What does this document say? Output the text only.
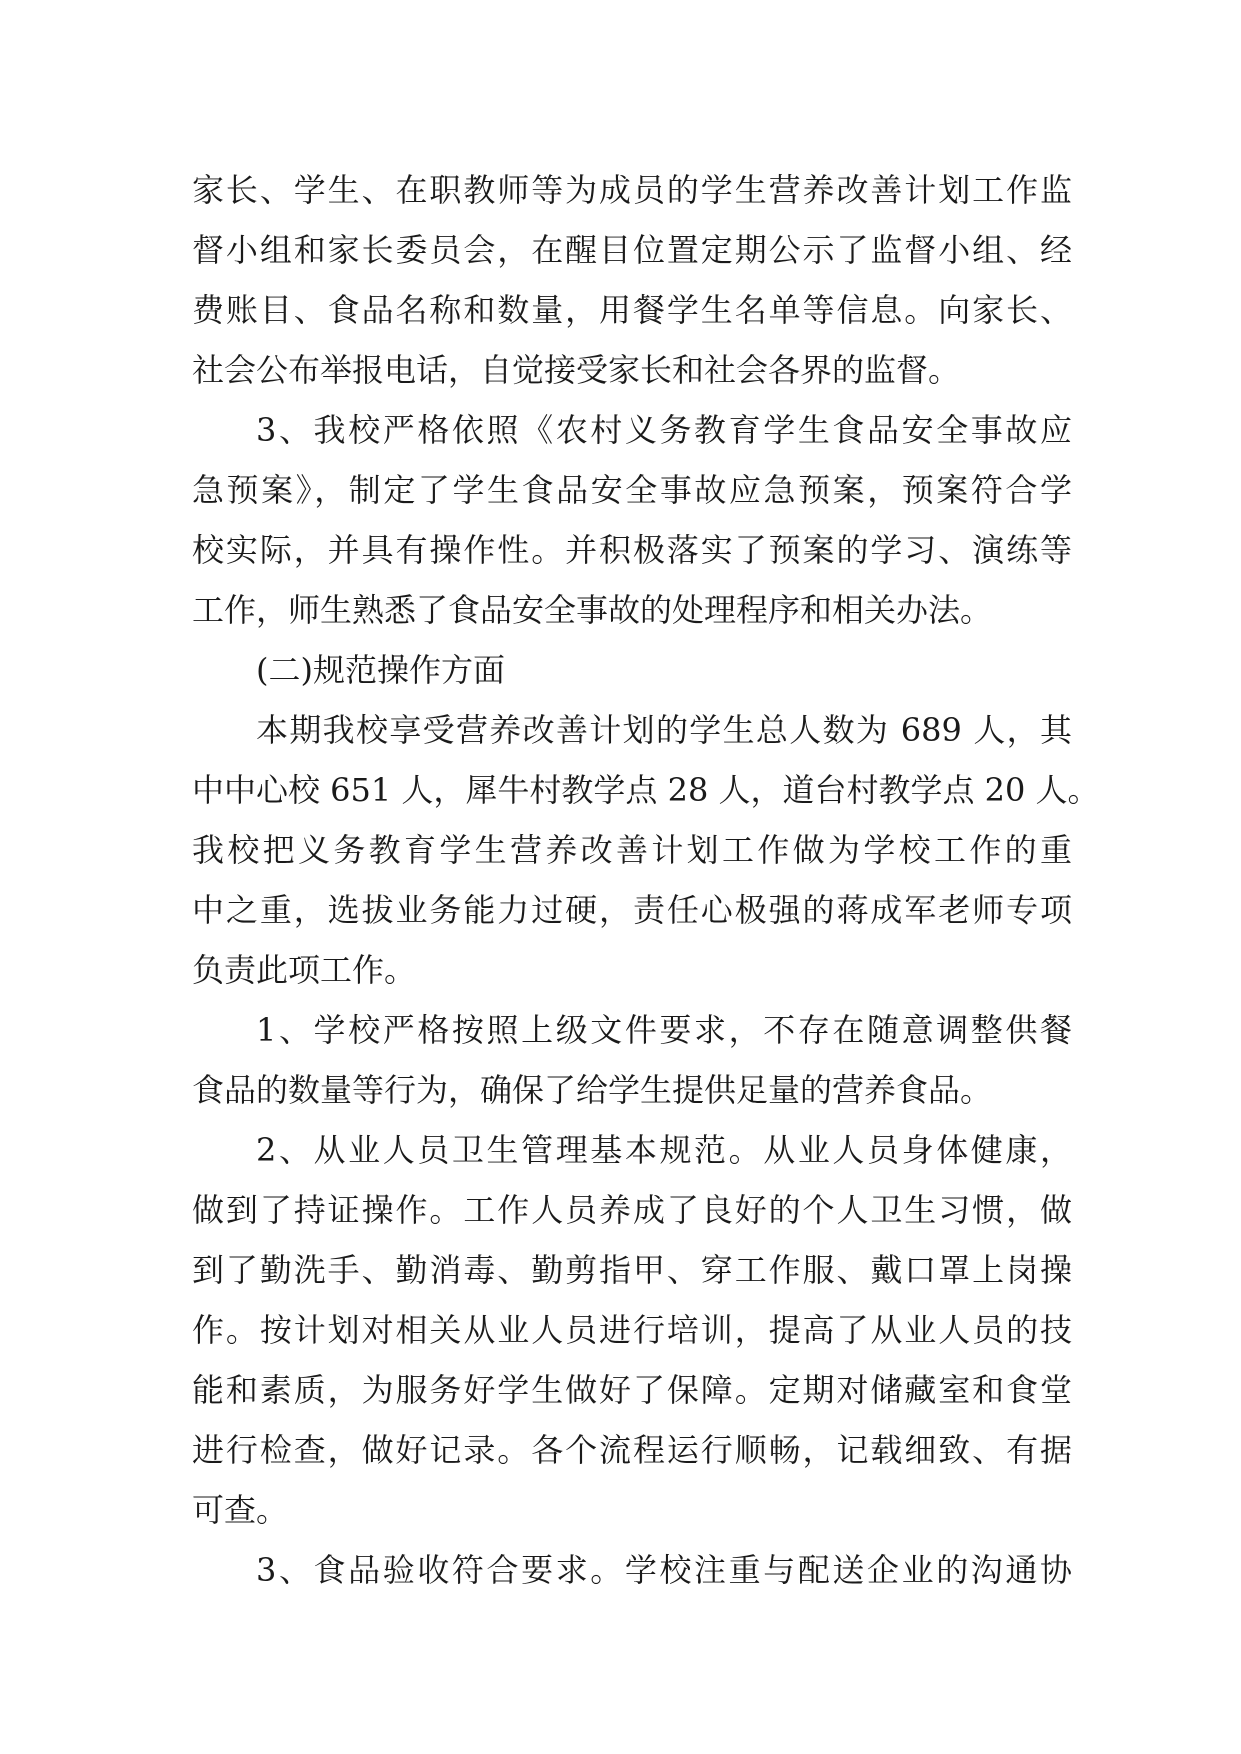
家长、学生、在职教师等为成员的学生营养改善计划工作监
督小组和家长委员会，在醒目位置定期公示了监督小组、经
费账目、食品名称和数量，用餐学生名单等信息。向家长、
社会公布举报电话，自觉接受家长和社会各界的监督。
3、我校严格依照《农村义务教育学生食品安全事故应
急预案》，制定了学生食品安全事故应急预案，预案符合学
校实际，并具有操作性。并积极落实了预案的学习、演练等
工作，师生熟悉了食品安全事故的处理程序和相关办法。
(二)规范操作方面
本期我校享受营养改善计划的学生总人数为 689 人，其
中中心校 651 人，犀牛村教学点 28 人，道台村教学点 20 人。
我校把义务教育学生营养改善计划工作做为学校工作的重
中之重，选拔业务能力过硬，责任心极强的蒋成军老师专项
负责此项工作。
1、学校严格按照上级文件要求，不存在随意调整供餐
食品的数量等行为，确保了给学生提供足量的营养食品。
2、从业人员卫生管理基本规范。从业人员身体健康，
做到了持证操作。工作人员养成了良好的个人卫生习惯，做
到了勤洗手、勤消毒、勤剪指甲、穿工作服、戴口罩上岗操
作。按计划对相关从业人员进行培训，提高了从业人员的技
能和素质，为服务好学生做好了保障。定期对储藏室和食堂
进行检查，做好记录。各个流程运行顺畅，记载细致、有据
可查。
3、食品验收符合要求。学校注重与配送企业的沟通协
